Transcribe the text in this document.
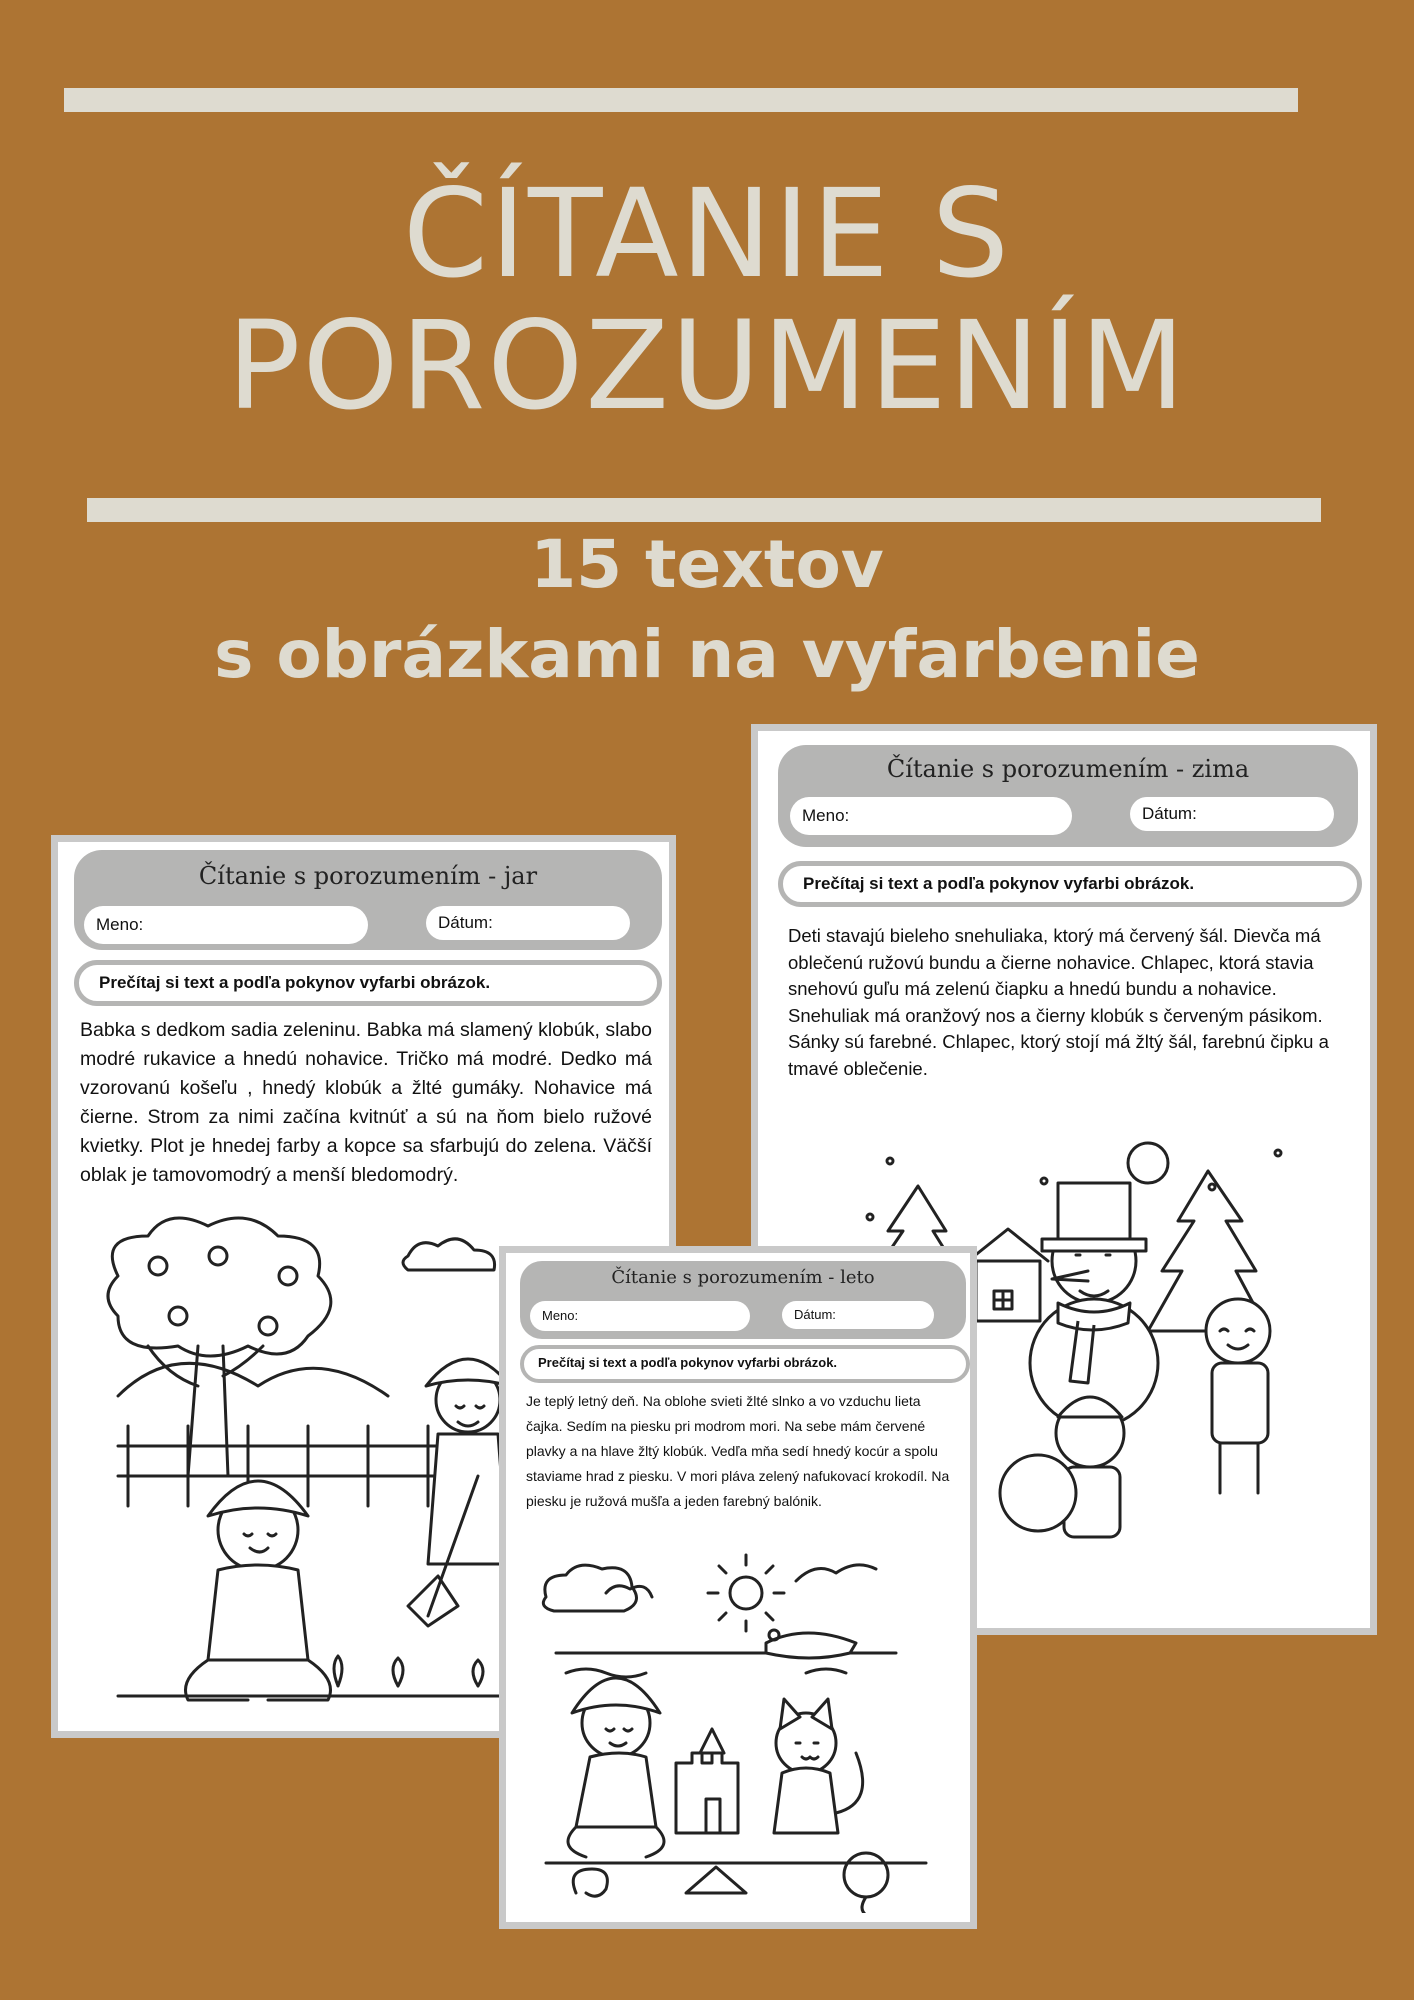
ČÍTANIE S POROZUMENÍM
15 textov
s obrázkami na vyfarbenie
Čítanie s porozumením - zima
Meno:	Dátum:
Prečítaj si text a podľa pokynov vyfarbi obrázok.

Deti stavajú bieleho snehuliaka, ktorý má červený šál. Dievča má oblečenú ružovú bundu a čierne nohavice. Chlapec, ktorá stavia snehovú guľu má zelenú čiapku a hnedú bundu a nohavice. Snehuliak má oranžový nos a čierny klobúk s červeným pásikom. Sánky sú farebné. Chlapec, ktorý stojí má žltý šál, farebnú čipku a tmavé oblečenie.

Čítanie s porozumením - jar
Meno:	Dátum:
Prečítaj si text a podľa pokynov vyfarbi obrázok.

Babka s dedkom sadia zeleninu. Babka má slamený klobúk, slabo modré rukavice a hnedú nohavice. Tričko má modré. Dedko má vzorovanú košeľu , hnedý klobúk a žlté gumáky. Nohavice má čierne. Strom za nimi začína kvitnúť a sú na ňom bielo ružové kvietky. Plot je hnedej farby a kopce sa sfarbujú do zelena. Väčší oblak je tamovomodrý a menší bledomodrý.

Čítanie s porozumením - leto
Meno:	Dátum:
Prečítaj si text a podľa pokynov vyfarbi obrázok.

Je teplý letný deň. Na oblohe svieti žlté slnko a vo vzduchu lieta čajka. Sedím na piesku pri modrom mori. Na sebe mám červené plavky a na hlave žltý klobúk. Vedľa mňa sedí hnedý kocúr a spolu staviame hrad z piesku. V mori pláva zelený nafukovací krokodíl. Na piesku je ružová mušľa a jeden farebný balónik.
